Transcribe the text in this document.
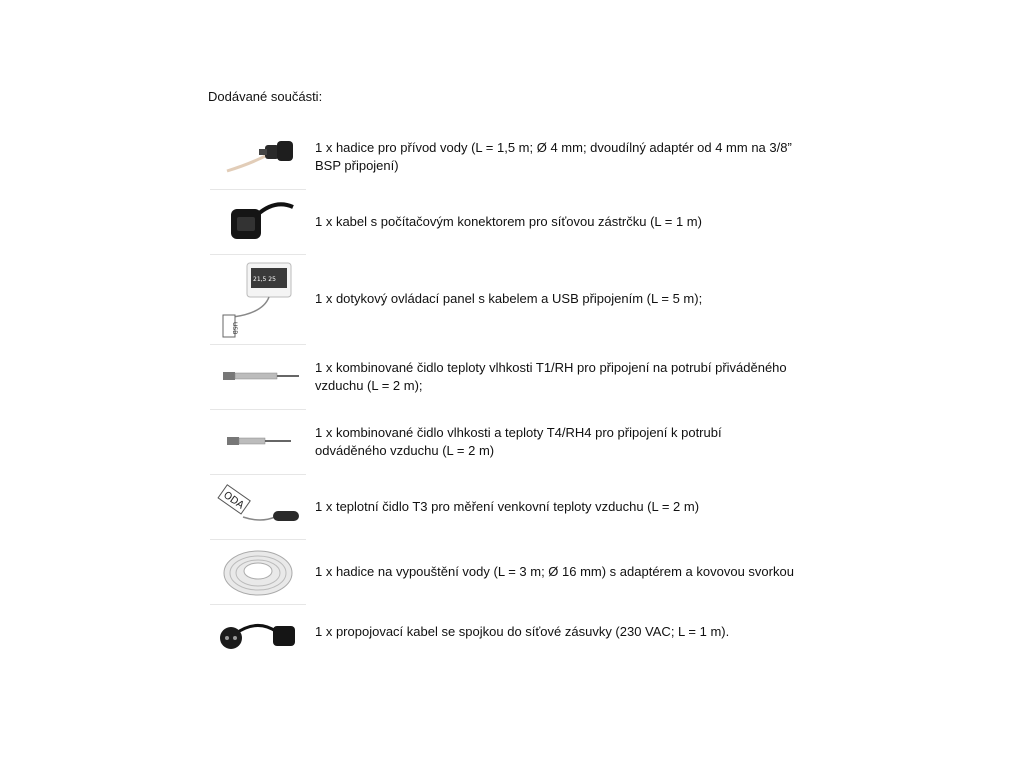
Dodávané součásti:
1 x hadice pro přívod vody (L = 1,5 m; Ø 4 mm; dvoudílný adaptér od 4 mm na 3/8” BSP připojení)
1 x kabel s počítačovým konektorem pro síťovou zástrčku (L = 1 m)
21,5 25
USB
1 x dotykový ovládací panel s kabelem a USB připojením (L = 5 m);
1 x kombinované čidlo teploty vlhkosti T1/RH pro připojení na potrubí přiváděného vzduchu (L = 2 m);
1 x kombinované čidlo vlhkosti a teploty T4/RH4 pro připojení k potrubí odváděného vzduchu (L = 2 m)
ODA	1 x teplotní čidlo T3 pro měření venkovní teploty vzduchu (L = 2 m)
1 x hadice na vypouštění vody (L = 3 m; Ø 16 mm) s adaptérem a kovovou svorkou
1 x propojovací kabel se spojkou do síťové zásuvky (230 VAC; L = 1 m).
